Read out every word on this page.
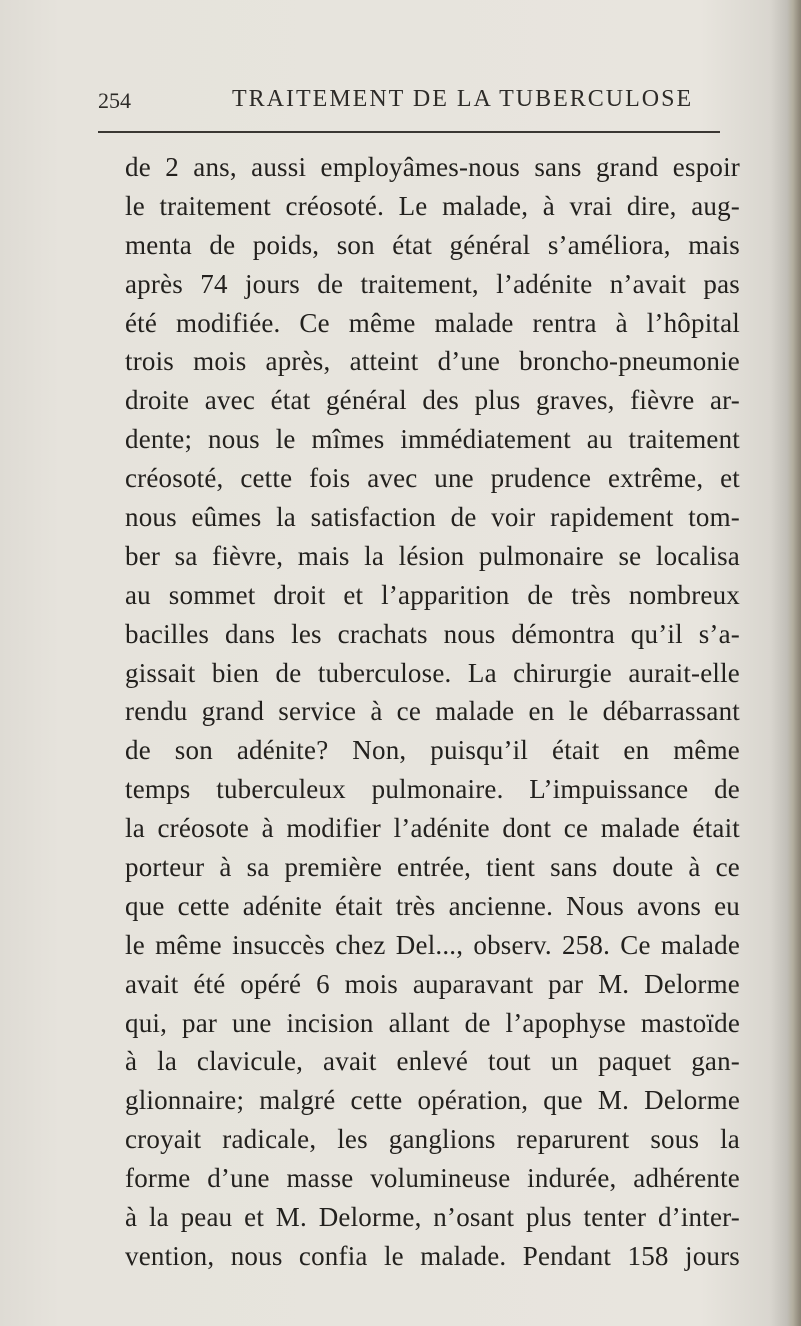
254	TRAITEMENT DE LA TUBERCULOSE
de 2 ans, aussi employâmes-nous sans grand espoir
le traitement créosoté. Le malade, à vrai dire, aug-
menta de poids, son état général s’améliora, mais
après 74 jours de traitement, l’adénite n’avait pas
été modifiée. Ce même malade rentra à l’hôpital
trois mois après, atteint d’une broncho-pneumonie
droite avec état général des plus graves, fièvre ar-
dente; nous le mîmes immédiatement au traitement
créosoté, cette fois avec une prudence extrême, et
nous eûmes la satisfaction de voir rapidement tom-
ber sa fièvre, mais la lésion pulmonaire se localisa
au sommet droit et l’apparition de très nombreux
bacilles dans les crachats nous démontra qu’il s’a-
gissait bien de tuberculose. La chirurgie aurait-elle
rendu grand service à ce malade en le débarrassant
de son adénite? Non, puisqu’il était en même
temps tuberculeux pulmonaire. L’impuissance de
la créosote à modifier l’adénite dont ce malade était
porteur à sa première entrée, tient sans doute à ce
que cette adénite était très ancienne. Nous avons eu
le même insuccès chez Del..., observ. 258. Ce malade
avait été opéré 6 mois auparavant par M. Delorme
qui, par une incision allant de l’apophyse mastoïde
à la clavicule, avait enlevé tout un paquet gan-
glionnaire; malgré cette opération, que M. Delorme
croyait radicale, les ganglions reparurent sous la
forme d’une masse volumineuse indurée, adhérente
à la peau et M. Delorme, n’osant plus tenter d’inter-
vention, nous confia le malade. Pendant 158 jours
